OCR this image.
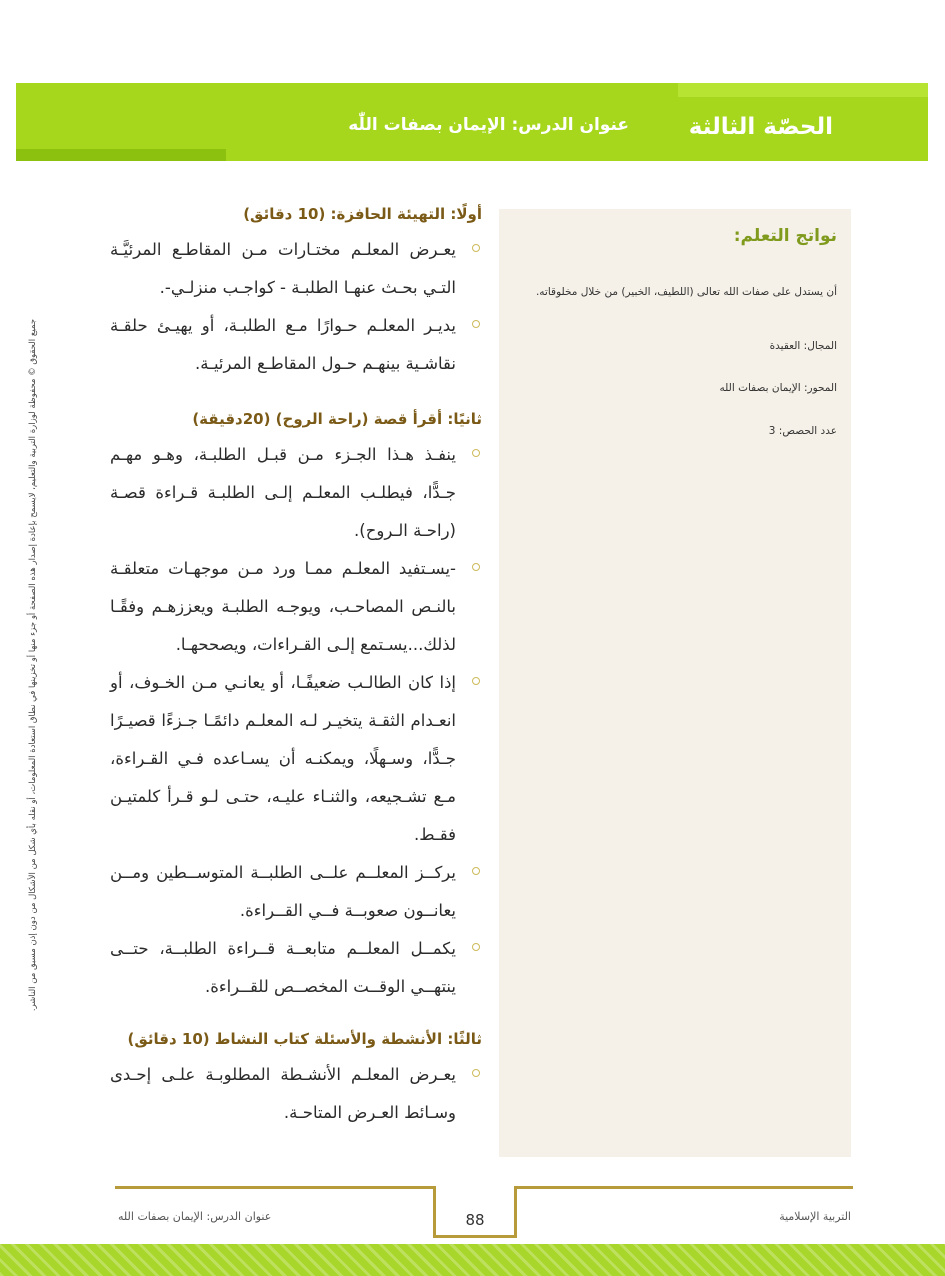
عنوان الدرس: الإيمان بصفات اللّٰه	الحصّة الثالثة
نواتج التعلم:
أن يستدل على صفات الله تعالى (اللطيف، الخبير) من خلال مخلوقاته.
المجال: العقيدة
المحور: الإيمان بصفات الله
عدد الحصص: 3
أولًا: التهيئة الحافزة: (10 دقائق)
يعـرض المعلـم مختـارات مـن المقاطـع المرئيَّـة التـي بحـث عنهـا الطلبـة - كواجـب منزلـي-.
يديـر المعلـم حـوارًا مـع الطلبـة، أو يهيـئ حلقـة نقاشـية بينهـم حـول المقاطـع المرئيـة.
ثانيًا: أقرأ قصة (راحة الروح) (20دقيقة)
ينفـذ هـذا الجـزء مـن قبـل الطلبـة، وهـو مهـم جـدًّا، فيطلـب المعلـم إلـى الطلبـة قـراءة قصـة (راحـة الـروح).
-يسـتفيد المعلـم ممـا ورد مـن موجهـات متعلقـة بالنـص المصاحـب، ويوجـه الطلبـة ويعززهـم وفقًـا لذلك...يسـتمع إلـى القـراءات، ويصححهـا.
إذا كان الطالـب ضعيفًـا، أو يعانـي مـن الخـوف، أو انعـدام الثقـة يتخيـر لـه المعلـم دائمًـا جـزءًا قصيـرًا جـدًّا، وسـهلًا، ويمكنـه أن يسـاعده فـي القـراءة، مـع تشـجيعه، والثنـاء عليـه، حتـى لـو قـرأ كلمتيـن فقـط.
يركــز المعلــم علــى الطلبــة المتوســطين ومــن يعانــون صعوبــة فــي القــراءة.
يكمــل المعلــم متابعــة قــراءة الطلبــة، حتــى ينتهــي الوقــت المخصــص للقــراءة.
ثالثًا: الأنشطة والأسئلة كتاب النشاط (10 دقائق)
يعـرض المعلـم الأنشـطة المطلوبـة علـى إحـدى وسـائط العـرض المتاحـة.
جميع الحقوق © محفوظة لوزارة التربية والتعليم، لايسمح بإعادة إصدار هذه الصفحة أو جزء منها أو تخزينها في نطاق استعادة المعلومات، أو نقله بأي شكل من الأشكال من دون إذن مسبق من الناشر.
88
عنوان الدرس: الإيمان بصفات الله	التربية الإسلامية
